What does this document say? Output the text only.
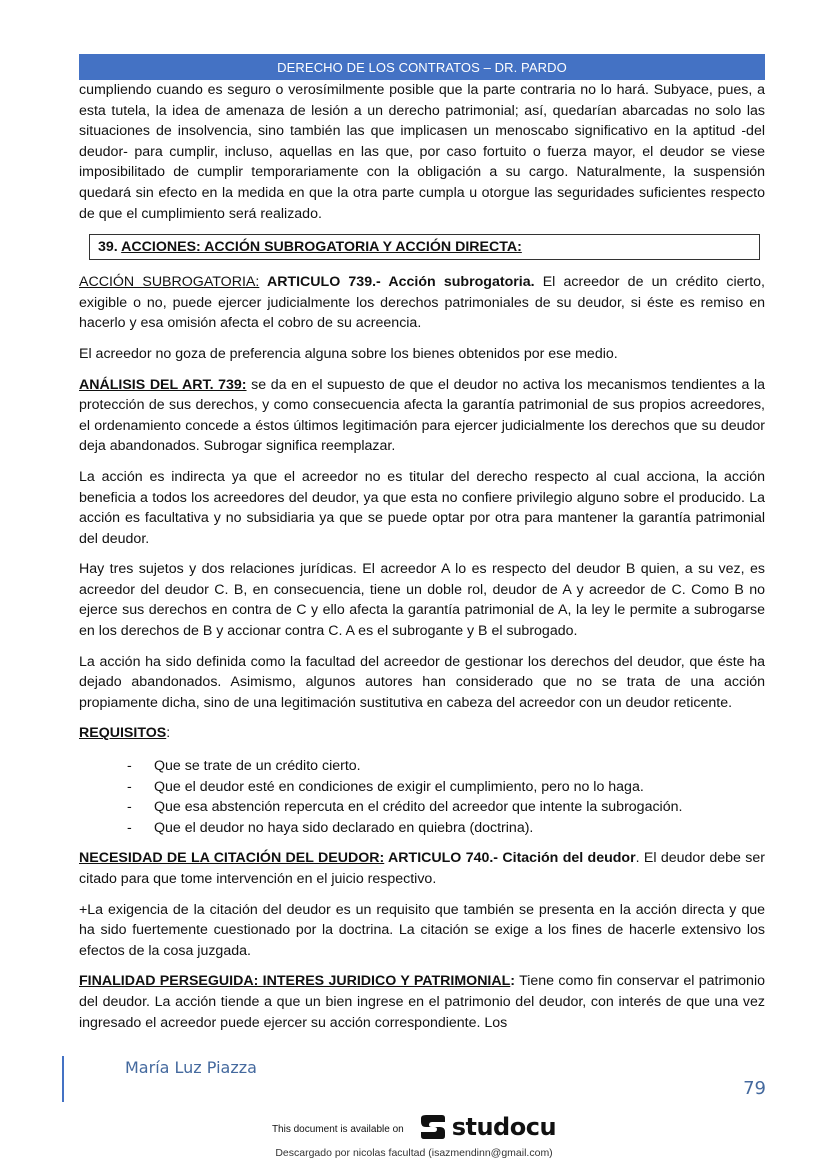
DERECHO DE LOS CONTRATOS – DR. PARDO

cumpliendo cuando es seguro o verosímilmente posible que la parte contraria no lo hará. Subyace, pues, a esta tutela, la idea de amenaza de lesión a un derecho patrimonial; así, quedarían abarcadas no solo las situaciones de insolvencia, sino también las que implicasen un menoscabo significativo en la aptitud -del deudor- para cumplir, incluso, aquellas en las que, por caso fortuito o fuerza mayor, el deudor se viese imposibilitado de cumplir temporariamente con la obligación a su cargo. Naturalmente, la suspensión quedará sin efecto en la medida en que la otra parte cumpla u otorgue las seguridades suficientes respecto de que el cumplimiento será realizado.

39. ACCIONES: ACCIÓN SUBROGATORIA Y ACCIÓN DIRECTA:

ACCIÓN SUBROGATORIA: ARTICULO 739.- Acción subrogatoria. El acreedor de un crédito cierto, exigible o no, puede ejercer judicialmente los derechos patrimoniales de su deudor, si éste es remiso en hacerlo y esa omisión afecta el cobro de su acreencia.

El acreedor no goza de preferencia alguna sobre los bienes obtenidos por ese medio.

ANÁLISIS DEL ART. 739: se da en el supuesto de que el deudor no activa los mecanismos tendientes a la protección de sus derechos, y como consecuencia afecta la garantía patrimonial de sus propios acreedores, el ordenamiento concede a éstos últimos legitimación para ejercer judicialmente los derechos que su deudor deja abandonados. Subrogar significa reemplazar.

La acción es indirecta ya que el acreedor no es titular del derecho respecto al cual acciona, la acción beneficia a todos los acreedores del deudor, ya que esta no confiere privilegio alguno sobre el producido. La acción es facultativa y no subsidiaria ya que se puede optar por otra para mantener la garantía patrimonial del deudor.

Hay tres sujetos y dos relaciones jurídicas. El acreedor A lo es respecto del deudor B quien, a su vez, es acreedor del deudor C. B, en consecuencia, tiene un doble rol, deudor de A y acreedor de C. Como B no ejerce sus derechos en contra de C y ello afecta la garantía patrimonial de A, la ley le permite a subrogarse en los derechos de B y accionar contra C. A es el subrogante y B el subrogado.

La acción ha sido definida como la facultad del acreedor de gestionar los derechos del deudor, que éste ha dejado abandonados. Asimismo, algunos autores han considerado que no se trata de una acción propiamente dicha, sino de una legitimación sustitutiva en cabeza del acreedor con un deudor reticente.

REQUISITOS:

- Que se trate de un crédito cierto.
- Que el deudor esté en condiciones de exigir el cumplimiento, pero no lo haga.
- Que esa abstención repercuta en el crédito del acreedor que intente la subrogación.
- Que el deudor no haya sido declarado en quiebra (doctrina).

NECESIDAD DE LA CITACIÓN DEL DEUDOR: ARTICULO 740.- Citación del deudor. El deudor debe ser citado para que tome intervención en el juicio respectivo.

+La exigencia de la citación del deudor es un requisito que también se presenta en la acción directa y que ha sido fuertemente cuestionado por la doctrina. La citación se exige a los fines de hacerle extensivo los efectos de la cosa juzgada.

FINALIDAD PERSEGUIDA: INTERES JURIDICO Y PATRIMONIAL: Tiene como fin conservar el patrimonio del deudor. La acción tiende a que un bien ingrese en el patrimonio del deudor, con interés de que una vez ingresado el acreedor puede ejercer su acción correspondiente. Los

María Luz Piazza
79
This document is available on studocu
Descargado por nicolas facultad (isazmendinn@gmail.com)
